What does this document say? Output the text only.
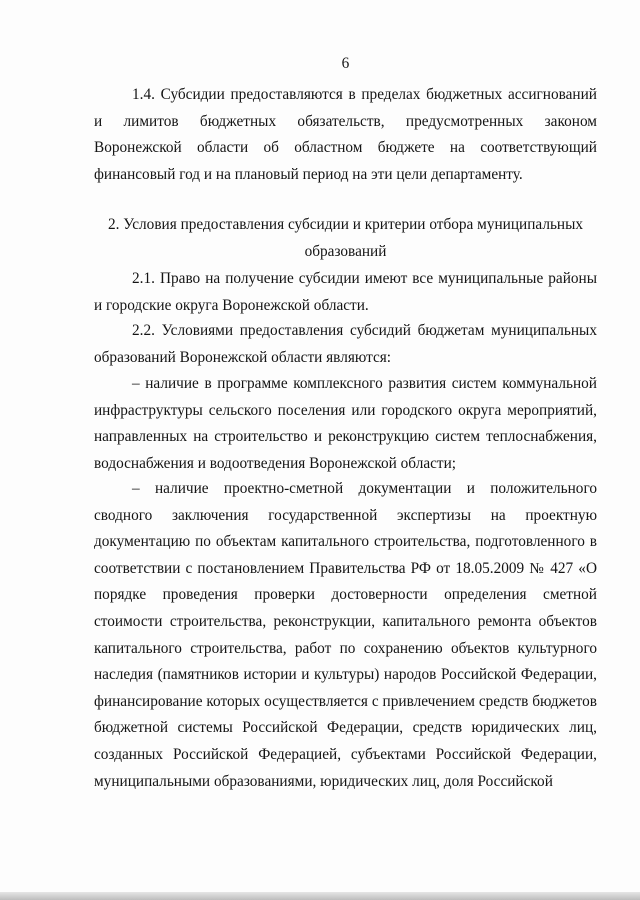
6

1.4. Субсидии предоставляются в пределах бюджетных ассигнований и лимитов бюджетных обязательств, предусмотренных законом Воронежской области об областном бюджете на соответствующий финансовый год и на плановый период на эти цели департаменту.

2. Условия предоставления субсидии и критерии отбора муниципальных образований

2.1. Право на получение субсидии имеют все муниципальные районы и городские округа Воронежской области.

2.2. Условиями предоставления субсидий бюджетам муниципальных образований Воронежской области являются:

– наличие в программе комплексного развития систем коммунальной инфраструктуры сельского поселения или городского округа мероприятий, направленных на строительство и реконструкцию систем теплоснабжения, водоснабжения и водоотведения Воронежской области;

– наличие проектно-сметной документации и положительного сводного заключения государственной экспертизы на проектную документацию по объектам капитального строительства, подготовленного в соответствии с постановлением Правительства РФ от 18.05.2009 № 427 «О порядке проведения проверки достоверности определения сметной стоимости строительства, реконструкции, капитального ремонта объектов капитального строительства, работ по сохранению объектов культурного наследия (памятников истории и культуры) народов Российской Федерации, финансирование которых осуществляется с привлечением средств бюджетов бюджетной системы Российской Федерации, средств юридических лиц, созданных Российской Федерацией, субъектами Российской Федерации, муниципальными образованиями, юридических лиц, доля Российской
